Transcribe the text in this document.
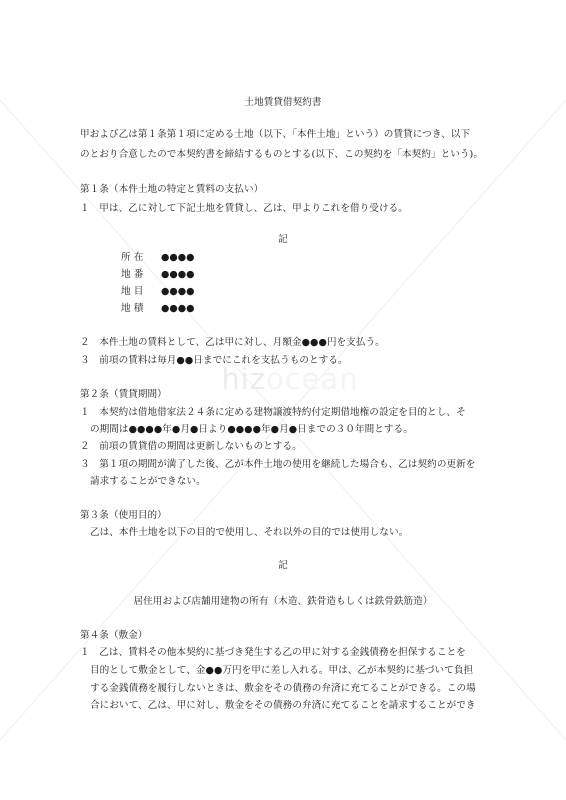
hizocean
土地賃貸借契約書
甲および乙は第１条第１項に定める土地（以下、「本件土地」という）の賃貸につき、以下
のとおり合意したので本契約書を締結するものとする(以下、この契約を「本契約」という)。
第１条（本件土地の特定と賃料の支払い）
１　甲は、乙に対して下記土地を賃貸し、乙は、甲よりこれを借り受ける。
記
所在 ●●●●
地番 ●●●●
地目 ●●●●
地積 ●●●●
２　本件土地の賃料として、乙は甲に対し、月額金●●●円を支払う。
３　前項の賃料は毎月●●日までにこれを支払うものとする。
第２条（賃貸期間）
１　本契約は借地借家法２４条に定める建物譲渡特約付定期借地権の設定を目的とし、そ
の期間は●●●●年●月●日より●●●●年●月●日までの３０年間とする。
２　前項の賃貸借の期間は更新しないものとする。
３　第１項の期間が満了した後、乙が本件土地の使用を継続した場合も、乙は契約の更新を
請求することができない。
第３条（使用目的）
乙は、本件土地を以下の目的で使用し、それ以外の目的では使用しない。
記
居住用および店舗用建物の所有（木造、鉄骨造もしくは鉄骨鉄筋造）
第４条（敷金）
１　乙は、賃料その他本契約に基づき発生する乙の甲に対する金銭債務を担保することを
目的として敷金として、金●●万円を甲に差し入れる。甲は、乙が本契約に基づいて負担
する金銭債務を履行しないときは、敷金をその債務の弁済に充てることができる。この場
合において、乙は、甲に対し、敷金をその債務の弁済に充てることを請求することができ
